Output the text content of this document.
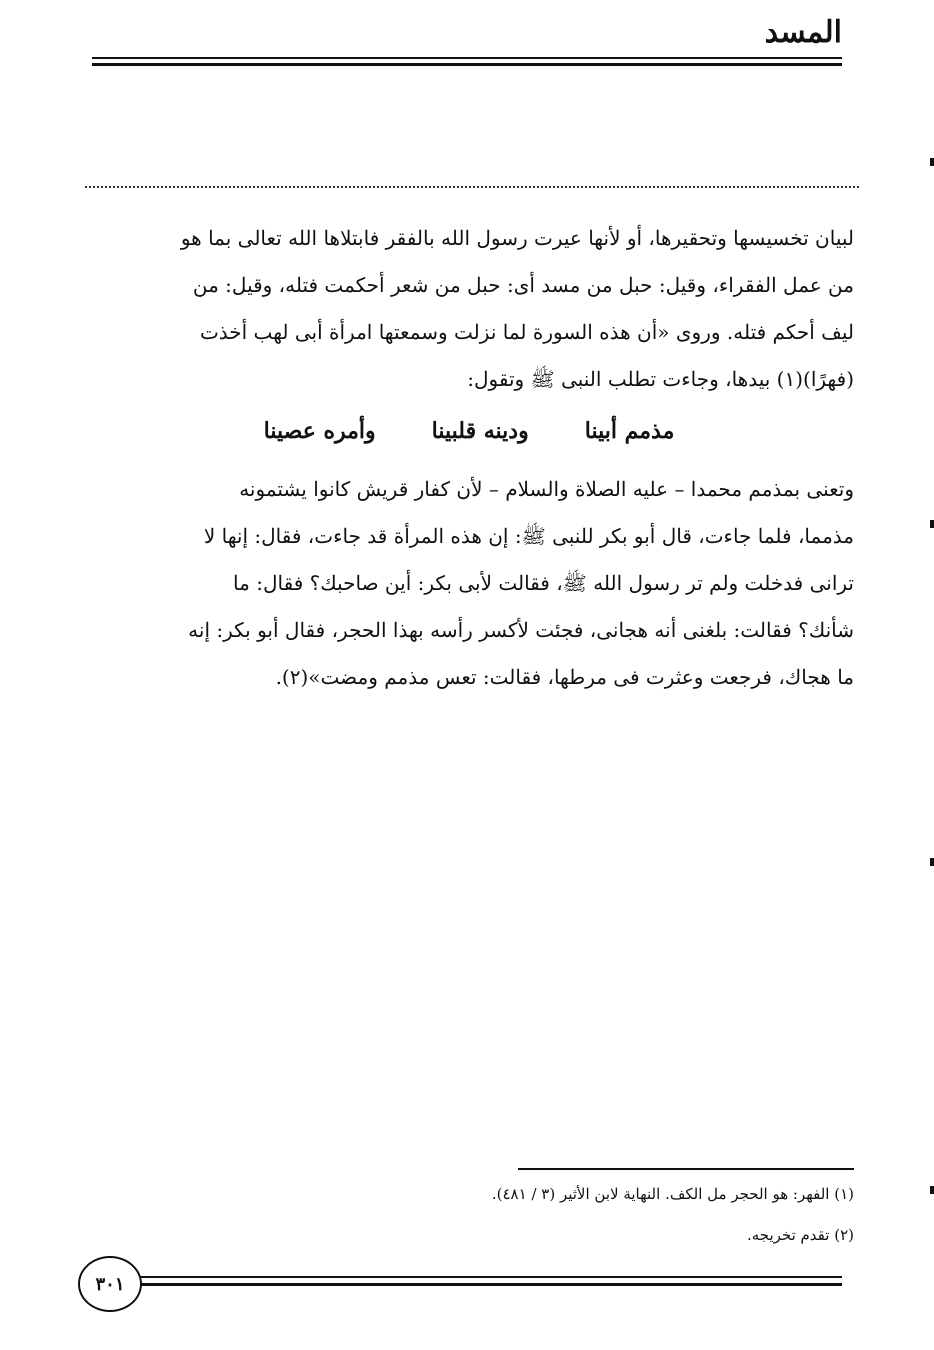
المسد
لبيان تخسيسها وتحقيرها، أو لأنها عيرت رسول الله بالفقر فابتلاها الله تعالى بما هو
من عمل الفقراء، وقيل: حبل من مسد أى: حبل من شعر أحكمت فتله، وقيل: من
ليف أحكم فتله. وروى «أن هذه السورة لما نزلت وسمعتها امرأة أبى لهب أخذت
(فهرًا)(١) بيدها، وجاءت تطلب النبى ﷺ وتقول:
مذمم أبينا
ودينه قلبينا
وأمره عصينا
وتعنى بمذمم محمدا – عليه الصلاة والسلام – لأن كفار قريش كانوا يشتمونه
مذمما، فلما جاءت، قال أبو بكر للنبى ﷺ: إن هذه المرأة قد جاءت، فقال: إنها لا
ترانى فدخلت ولم تر رسول الله ﷺ، فقالت لأبى بكر: أين صاحبك؟ فقال: ما
شأنك؟ فقالت: بلغنى أنه هجانى، فجئت لأكسر رأسه بهذا الحجر، فقال أبو بكر: إنه
ما هجاك، فرجعت وعثرت فى مرطها، فقالت: تعس مذمم ومضت»(٢).
(١) الفهر: هو الحجر مل الكف. النهاية لابن الأثير (٣ / ٤٨١).
(٢) تقدم تخريجه.
٣٠١
